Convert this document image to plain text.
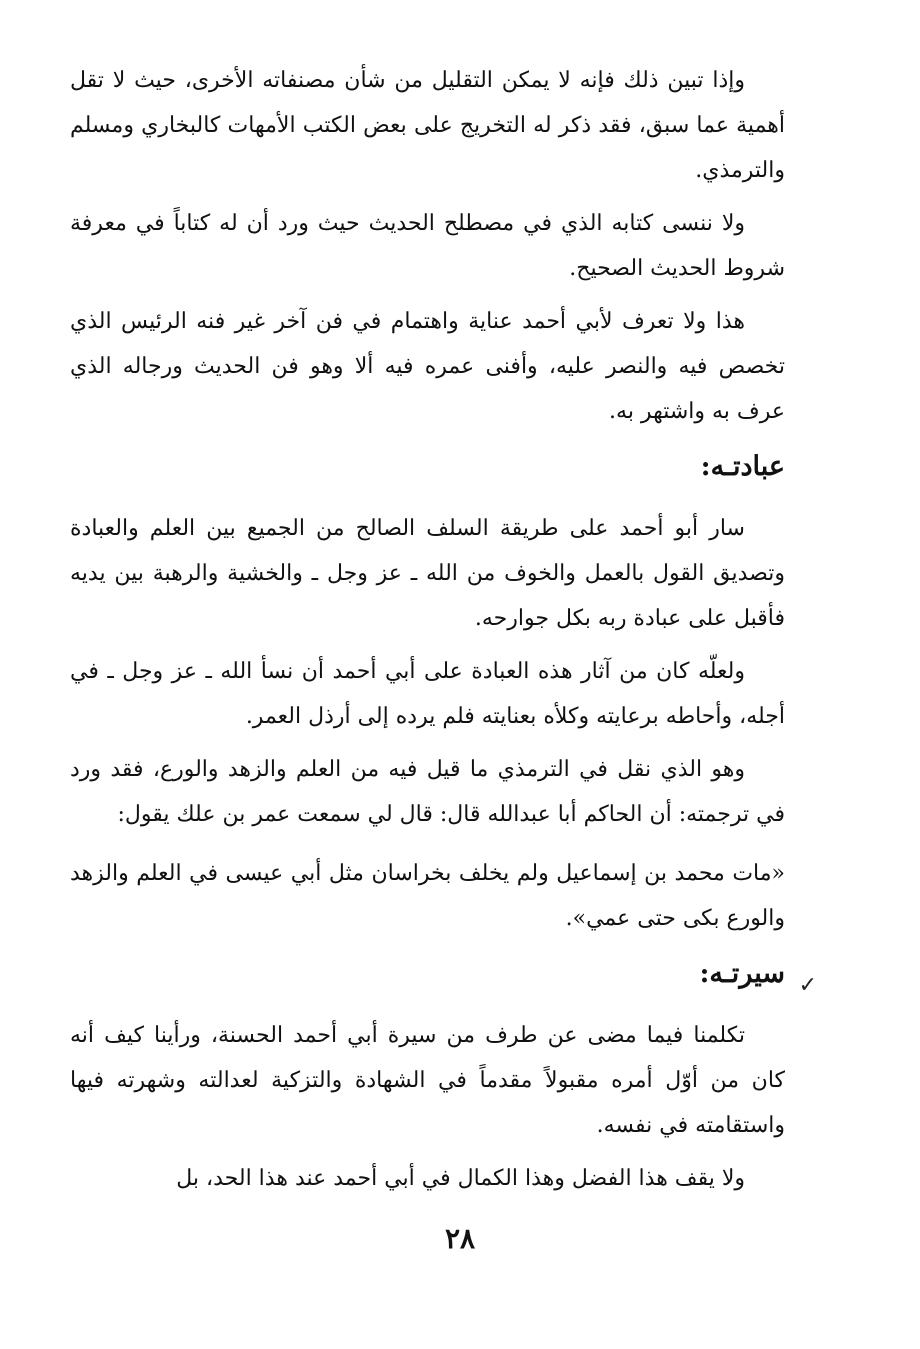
وإذا تبين ذلك فإنه لا يمكن التقليل من شأن مصنفاته الأخرى، حيث لا تقل أهمية عما سبق، فقد ذكر له التخريج على بعض الكتب الأمهات كالبخاري ومسلم والترمذي.

ولا ننسى كتابه الذي في مصطلح الحديث حيث ورد أن له كتاباً في معرفة شروط الحديث الصحيح.

هذا ولا تعرف لأبي أحمد عناية واهتمام في فن آخر غير فنه الرئيس الذي تخصص فيه والنصر عليه، وأفنى عمره فيه ألا وهو فن الحديث ورجاله الذي عرف به واشتهر به.

عبادتـه:

سار أبو أحمد على طريقة السلف الصالح من الجميع بين العلم والعبادة وتصديق القول بالعمل والخوف من الله ـ عز وجل ـ والخشية والرهبة بين يديه فأقبل على عبادة ربه بكل جوارحه.

ولعلّه كان من آثار هذه العبادة على أبي أحمد أن نسأ الله ـ عز وجل ـ في أجله، وأحاطه برعايته وكلأه بعنايته فلم يرده إلى أرذل العمر.

وهو الذي نقل في الترمذي ما قيل فيه من العلم والزهد والورع، فقد ورد في ترجمته: أن الحاكم أبا عبدالله قال: قال لي سمعت عمر بن علك يقول:

«مات محمد بن إسماعيل ولم يخلف بخراسان مثل أبي عيسى في العلم والزهد والورع بكى حتى عمي».

سيرتـه: ✓

تكلمنا فيما مضى عن طرف من سيرة أبي أحمد الحسنة، ورأينا كيف أنه كان من أوّل أمره مقبولاً مقدماً في الشهادة والتزكية لعدالته وشهرته فيها واستقامته في نفسه.

ولا يقف هذا الفضل وهذا الكمال في أبي أحمد عند هذا الحد، بل

٢٨
